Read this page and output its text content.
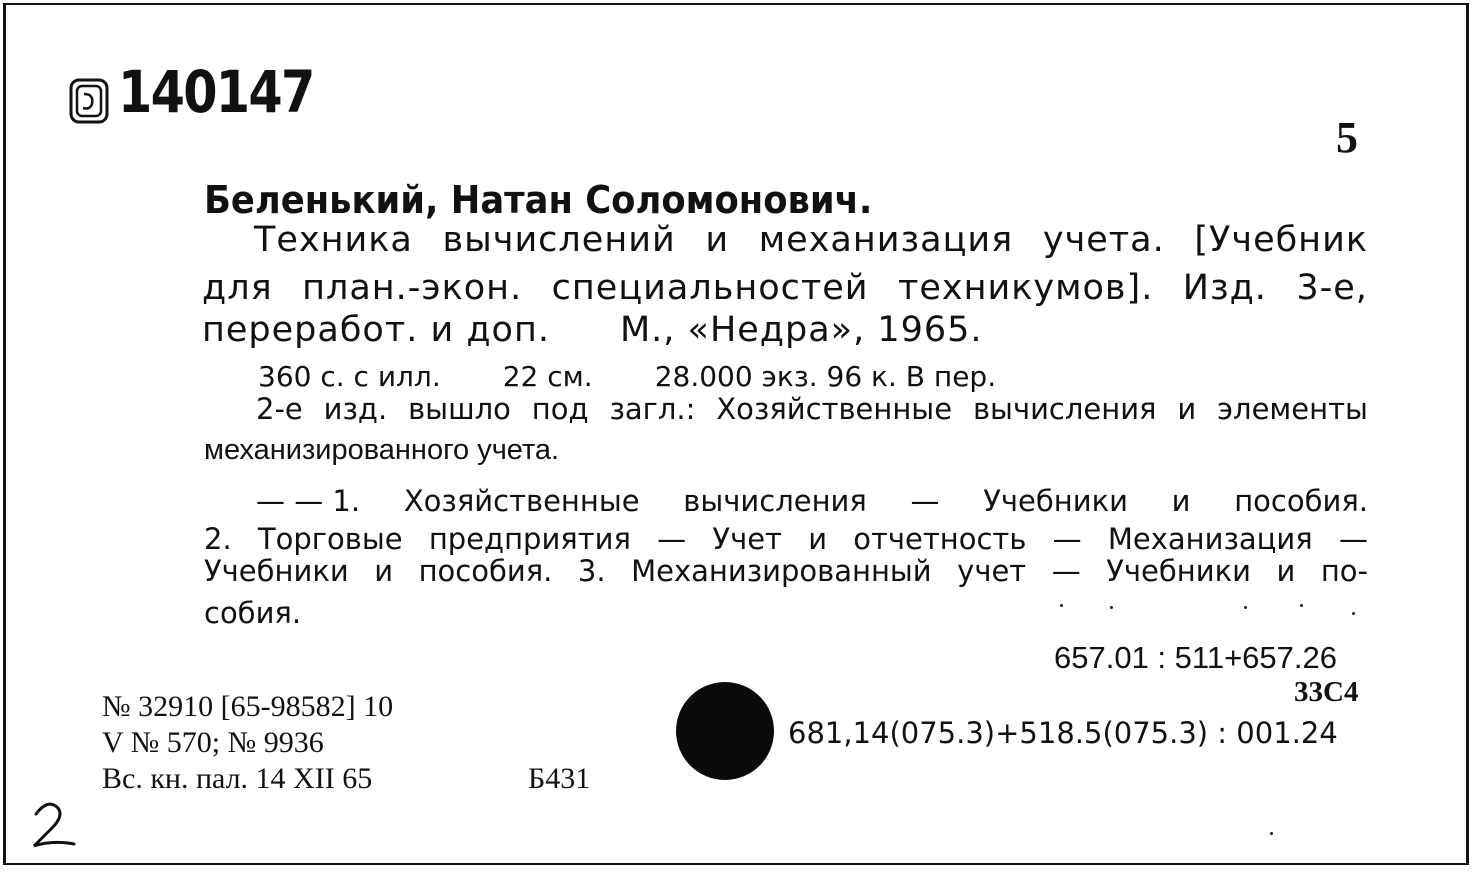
140147
5
Беленький, Натан Соломонович.
Техника вычислений и механизация учета. [Учебник
для план.-экон. специальностей техникумов]. Изд. 3-е,
переработ. и доп. М., «Недра», 1965.
360 с. с илл. 22 см. 28.000 экз. 96 к. В пер.
2-е изд. вышло под загл.: Хозяйственные вычисления и элементы
механизированного учета.
— — 1. Хозяйственные вычисления — Учебники и пособия.
2. Торговые предприятия — Учет и отчетность — Механизация —
Учебники и пособия. 3. Механизированный учет — Учебники и по-
собия.
657.01 : 511+657.26
33С4
681,14(075.3)+518.5(075.3) : 001.24
№ 32910 [65-98582] 10
V № 570; № 9936
Вс. кн. пал. 14 XII 65	Б431
